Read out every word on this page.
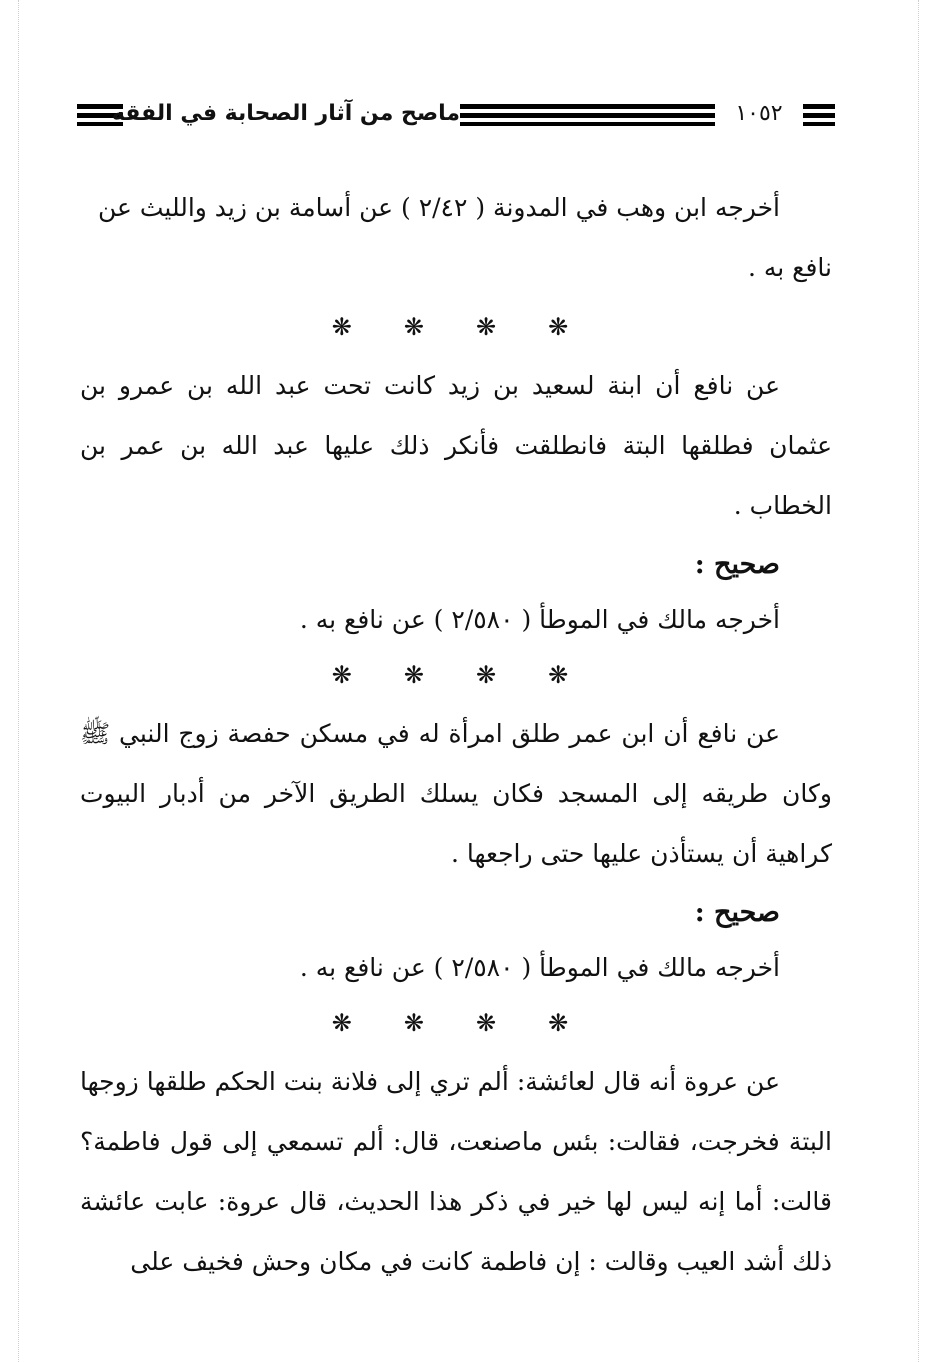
ماصح من آثار الصحابة في الفقه	١٠٥٢

أخرجه ابن وهب في المدونة ( ٢/٤٢ ) عن أسامة بن زيد والليث عن

نافع به .

❋ ❋ ❋ ❋

عن نافع أن ابنة لسعيد بن زيد كانت تحت عبد الله بن عمرو بن عثمان فطلقها البتة فانطلقت فأنكر ذلك عليها عبد الله بن عمر بن الخطاب .

صحيح :

أخرجه مالك في الموطأ ( ٢/٥٨٠ ) عن نافع به .

❋ ❋ ❋ ❋

عن نافع أن ابن عمر طلق امرأة له في مسكن حفصة زوج النبي ﷺ وكان طريقه إلى المسجد فكان يسلك الطريق الآخر من أدبار البيوت كراهية أن يستأذن عليها حتى راجعها .

صحيح :

أخرجه مالك في الموطأ ( ٢/٥٨٠ ) عن نافع به .

❋ ❋ ❋ ❋

عن عروة أنه قال لعائشة: ألم تري إلى فلانة بنت الحكم طلقها زوجها البتة فخرجت، فقالت: بئس ماصنعت، قال: ألم تسمعي إلى قول فاطمة؟ قالت: أما إنه ليس لها خير في ذكر هذا الحديث، قال عروة: عابت عائشة ذلك أشد العيب وقالت : إن فاطمة كانت في مكان وحش فخيف على
